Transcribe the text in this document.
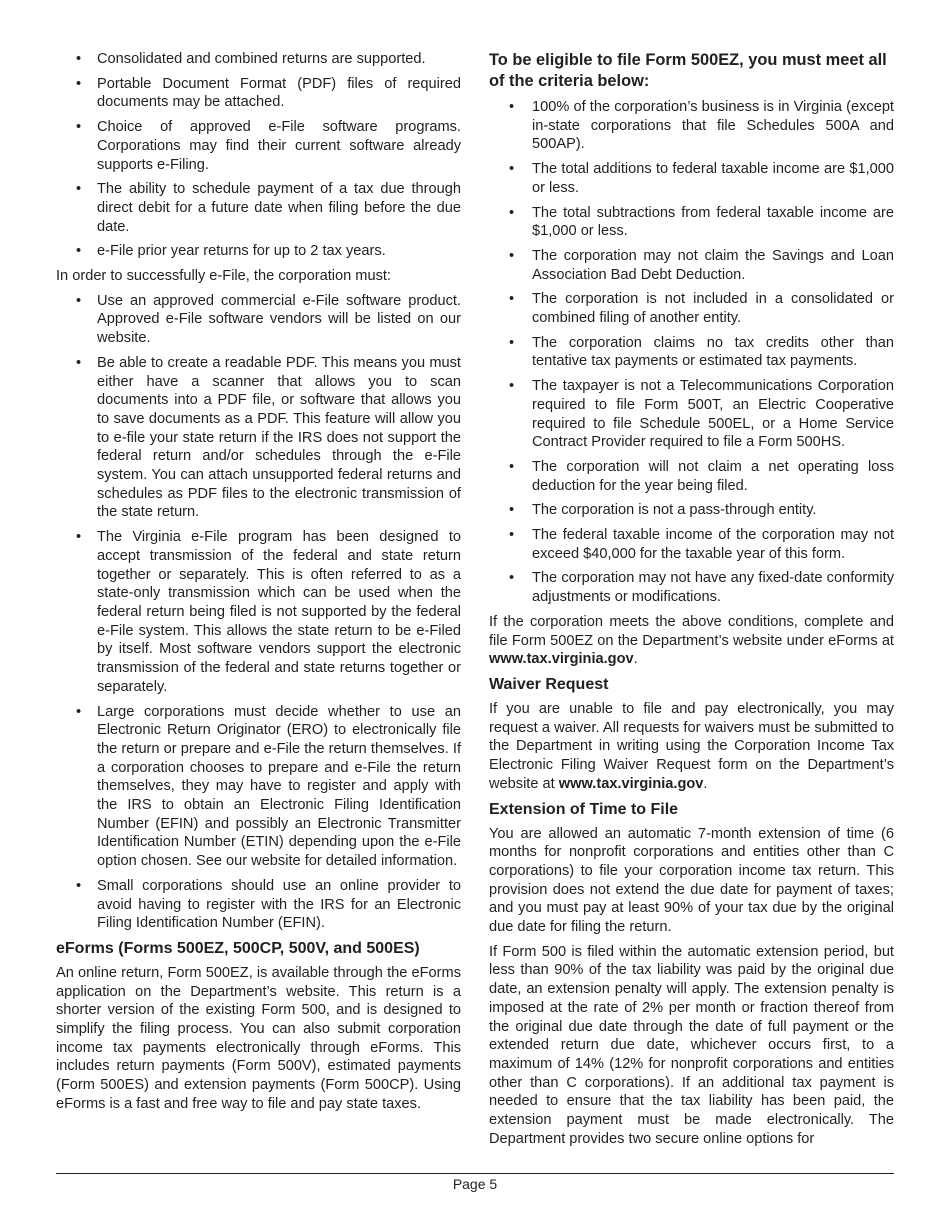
• Consolidated and combined returns are supported.
• Portable Document Format (PDF) files of required documents may be attached.
• Choice of approved e-File software programs. Corporations may find their current software already supports e-Filing.
• The ability to schedule payment of a tax due through direct debit for a future date when filing before the due date.
• e-File prior year returns for up to 2 tax years.

In order to successfully e-File, the corporation must:

• Use an approved commercial e-File software product. Approved e-File software vendors will be listed on our website.
• Be able to create a readable PDF. This means you must either have a scanner that allows you to scan documents into a PDF file, or software that allows you to save documents as a PDF. This feature will allow you to e-file your state return if the IRS does not support the federal return and/or schedules through the e-File system. You can attach unsupported federal returns and schedules as PDF files to the electronic transmission of the state return.
• The Virginia e-File program has been designed to accept transmission of the federal and state return together or separately. This is often referred to as a state-only transmission which can be used when the federal return being filed is not supported by the federal e-File system. This allows the state return to be e-Filed by itself. Most software vendors support the electronic transmission of the federal and state returns together or separately.
• Large corporations must decide whether to use an Electronic Return Originator (ERO) to electronically file the return or prepare and e-File the return themselves. If a corporation chooses to prepare and e-File the return themselves, they may have to register and apply with the IRS to obtain an Electronic Filing Identification Number (EFIN) and possibly an Electronic Transmitter Identification Number (ETIN) depending upon the e-File option chosen. See our website for detailed information.
• Small corporations should use an online provider to avoid having to register with the IRS for an Electronic Filing Identification Number (EFIN).
eForms (Forms 500EZ, 500CP, 500V, and 500ES)

An online return, Form 500EZ, is available through the eForms application on the Department’s website. This return is a shorter version of the existing Form 500, and is designed to simplify the filing process. You can also submit corporation income tax payments electronically through eForms. This includes return payments (Form 500V), estimated payments (Form 500ES) and extension payments (Form 500CP). Using eForms is a fast and free way to file and pay state taxes.

To be eligible to file Form 500EZ, you must meet all of the criteria below:
• 100% of the corporation’s business is in Virginia (except in-state corporations that file Schedules 500A and 500AP).
• The total additions to federal taxable income are $1,000 or less.
• The total subtractions from federal taxable income are $1,000 or less.
• The corporation may not claim the Savings and Loan Association Bad Debt Deduction.
• The corporation is not included in a consolidated or combined filing of another entity.
• The corporation claims no tax credits other than tentative tax payments or estimated tax payments.
• The taxpayer is not a Telecommunications Corporation required to file Form 500T, an Electric Cooperative required to file Schedule 500EL, or a Home Service Contract Provider required to file a Form 500HS.
• The corporation will not claim a net operating loss deduction for the year being filed.
• The corporation is not a pass-through entity.
• The federal taxable income of the corporation may not exceed $40,000 for the taxable year of this form.
• The corporation may not have any fixed-date conformity adjustments or modifications.

If the corporation meets the above conditions, complete and file Form 500EZ on the Department’s website under eForms at www.tax.virginia.gov.

Waiver Request

If you are unable to file and pay electronically, you may request a waiver. All requests for waivers must be submitted to the Department in writing using the Corporation Income Tax Electronic Filing Waiver Request form on the Department’s website at www.tax.virginia.gov.

Extension of Time to File

You are allowed an automatic 7-month extension of time (6 months for nonprofit corporations and entities other than C corporations) to file your corporation income tax return. This provision does not extend the due date for payment of taxes; and you must pay at least 90% of your tax due by the original due date for filing the return.

If Form 500 is filed within the automatic extension period, but less than 90% of the tax liability was paid by the original due date, an extension penalty will apply. The extension penalty is imposed at the rate of 2% per month or fraction thereof from the original due date through the date of full payment or the extended return due date, whichever occurs first, to a maximum of 14% (12% for nonprofit corporations and entities other than C corporations). If an additional tax payment is needed to ensure that the tax liability has been paid, the extension payment must be made electronically. The Department provides two secure online options for

Page 5
